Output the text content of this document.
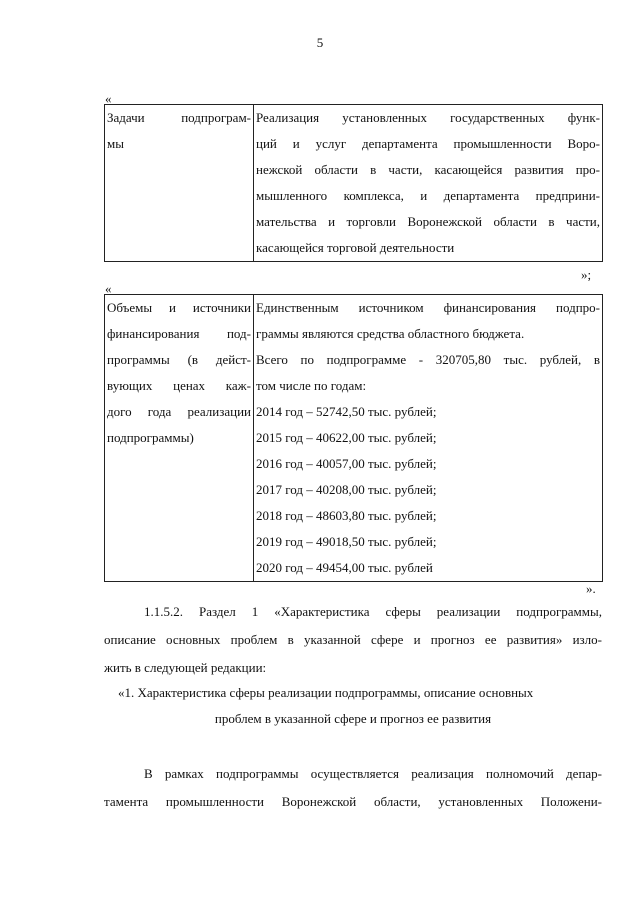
5
«
Задачи подпрограм-
мы

Реализация установленных государственных функ-
ций и услуг департамента промышленности Воро-
нежской области в части, касающейся развития про-
мышленного комплекса, и департамента предприни-
мательства и торговли Воронежской области в части,
касающейся торговой деятельности
»;
«
Объемы и источники
финансирования под-
программы (в дейст-
вующих ценах каж-
дого года реализации
подпрограммы)

Единственным источником финансирования подпро-
граммы являются средства областного бюджета.
Всего по подпрограмме - 320705,80 тыс. рублей, в
том числе по годам:
2014 год – 52742,50 тыс. рублей;
2015 год – 40622,00 тыс. рублей;
2016 год – 40057,00 тыс. рублей;
2017 год – 40208,00 тыс. рублей;
2018 год – 48603,80 тыс. рублей;
2019 год – 49018,50 тыс. рублей;
2020 год – 49454,00 тыс. рублей
».
1.1.5.2. Раздел 1 «Характеристика сферы реализации подпрограммы,
описание основных проблем в указанной сфере и прогноз ее развития» изло-
жить в следующей редакции:
«1. Характеристика сферы реализации подпрограммы, описание основных
проблем в указанной сфере и прогноз ее развития
В рамках подпрограммы осуществляется реализация полномочий депар-
тамента промышленности Воронежской области, установленных Положени-
